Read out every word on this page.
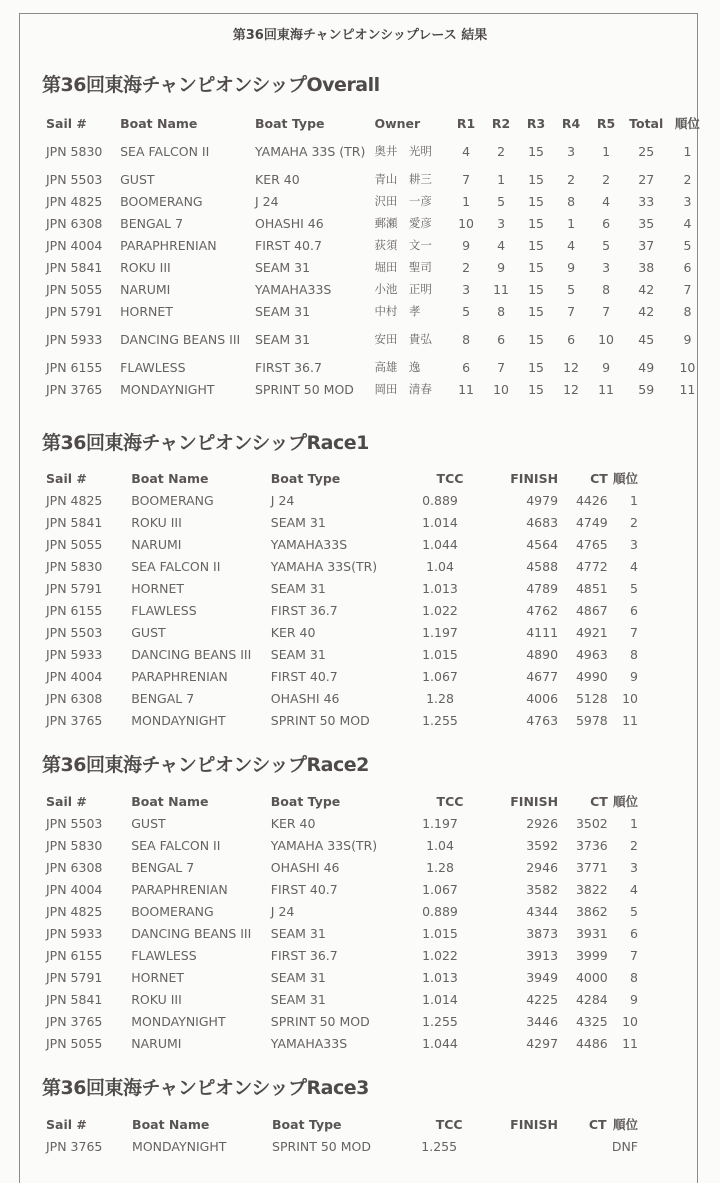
第36回東海チャンピオンシップレース 結果
第36回東海チャンピオンシップOverall
Sail #	Boat Name	Boat Type	Owner	R1	R2	R3	R4	R5	Total	順位
JPN 5830	SEA FALCON II	YAMAHA 33S (TR)	奥井　光明	4	2	15	3	1	25	1
JPN 5503	GUST	KER 40	青山　耕三	7	1	15	2	2	27	2
JPN 4825	BOOMERANG	J 24	沢田　一彦	1	5	15	8	4	33	3
JPN 6308	BENGAL 7	OHASHI 46	郵瀬　愛彦	10	3	15	1	6	35	4
JPN 4004	PARAPHRENIAN	FIRST 40.7	荻須　文一	9	4	15	4	5	37	5
JPN 5841	ROKU III	SEAM 31	堀田　聖司	2	9	15	9	3	38	6
JPN 5055	NARUMI	YAMAHA33S	小池　正明	3	11	15	5	8	42	7
JPN 5791	HORNET	SEAM 31	中村　孝	5	8	15	7	7	42	8
JPN 5933	DANCING BEANS III	SEAM 31	安田　貴弘	8	6	15	6	10	45	9
JPN 6155	FLAWLESS	FIRST 36.7	高雄　逸	6	7	15	12	9	49	10
JPN 3765	MONDAYNIGHT	SPRINT 50 MOD	岡田　清春	11	10	15	12	11	59	11
第36回東海チャンピオンシップRace1
Sail #	Boat Name	Boat Type	TCC	FINISH	CT	順位
JPN 4825	BOOMERANG	J 24	0.889	4979	4426	1
JPN 5841	ROKU III	SEAM 31	1.014	4683	4749	2
JPN 5055	NARUMI	YAMAHA33S	1.044	4564	4765	3
JPN 5830	SEA FALCON II	YAMAHA 33S(TR)	1.04	4588	4772	4
JPN 5791	HORNET	SEAM 31	1.013	4789	4851	5
JPN 6155	FLAWLESS	FIRST 36.7	1.022	4762	4867	6
JPN 5503	GUST	KER 40	1.197	4111	4921	7
JPN 5933	DANCING BEANS III	SEAM 31	1.015	4890	4963	8
JPN 4004	PARAPHRENIAN	FIRST 40.7	1.067	4677	4990	9
JPN 6308	BENGAL 7	OHASHI 46	1.28	4006	5128	10
JPN 3765	MONDAYNIGHT	SPRINT 50 MOD	1.255	4763	5978	11
第36回東海チャンピオンシップRace2
Sail #	Boat Name	Boat Type	TCC	FINISH	CT	順位
JPN 5503	GUST	KER 40	1.197	2926	3502	1
JPN 5830	SEA FALCON II	YAMAHA 33S(TR)	1.04	3592	3736	2
JPN 6308	BENGAL 7	OHASHI 46	1.28	2946	3771	3
JPN 4004	PARAPHRENIAN	FIRST 40.7	1.067	3582	3822	4
JPN 4825	BOOMERANG	J 24	0.889	4344	3862	5
JPN 5933	DANCING BEANS III	SEAM 31	1.015	3873	3931	6
JPN 6155	FLAWLESS	FIRST 36.7	1.022	3913	3999	7
JPN 5791	HORNET	SEAM 31	1.013	3949	4000	8
JPN 5841	ROKU III	SEAM 31	1.014	4225	4284	9
JPN 3765	MONDAYNIGHT	SPRINT 50 MOD	1.255	3446	4325	10
JPN 5055	NARUMI	YAMAHA33S	1.044	4297	4486	11
第36回東海チャンピオンシップRace3
Sail #	Boat Name	Boat Type	TCC	FINISH	CT	順位
JPN 3765	MONDAYNIGHT	SPRINT 50 MOD	1.255			DNF
